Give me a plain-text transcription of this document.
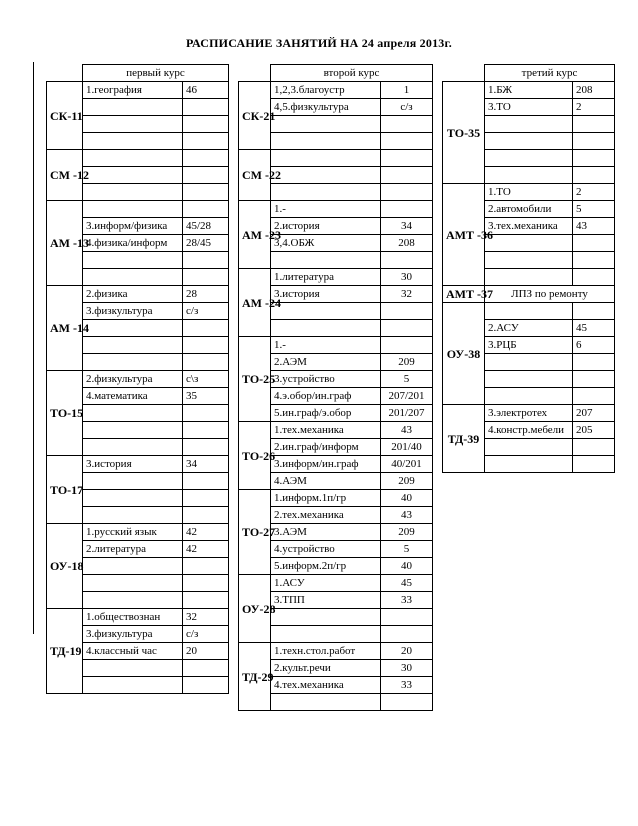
РАСПИСАНИЕ ЗАНЯТИЙ НА 24 апреля 2013г.
	первый курс	
СК-11	1.география	46

СМ -12		

АМ -13		
	3.информ/физика	45/28
	4.физика/информ	28/45

АМ -14	2.физика	28
	3.физкультура	с/з

ТО-15	2.физкультура	с\з
	4.математика	35

ТО-17	3.история	34

ОУ-18	1.русский язык	42
	2.литература	42

ТД-19	1.обществознан	32
	3.физкультура	с/з
	4.классный час	20

	второй курс	
СК-21	1,2,3.благоустр	1
	4,5.физкультура	с/з

СМ -22		

АМ -23	1.-	
	2.история	34
	3,4.ОБЖ	208

АМ -24	1.литература	30
	3.история	32

ТО-25	1.-	
	2.АЭМ	209
	3.устройство	5
	4.э.обор/ин.граф	207/201
	5.ин.граф/э.обор	201/207
ТО-26	1.тех.механика	43
	2.ин.граф/информ	201/40
	3.информ/ин.граф	40/201
	4.АЭМ	209
ТО-27	1.информ.1п/гр	40
	2.тех.механика	43
	3.АЭМ	209
	4.устройство	5
	5.информ.2п/гр	40
ОУ-28	1.АСУ	45
	3.ТПП	33

ТД-29	1.техн.стол.работ	20
	2.культ.речи	30
	4.тех.механика	33

	третий курс	
ТО-35	1.БЖ	208
	3.ТО	2

АМТ -36	1.ТО	2
	2.автомобили	5
	3.тех.механика	43

АМТ -37	ЛПЗ по ремонту	

ОУ-38		
	2.АСУ	45
	3.РЦБ	6

ТД-39	3.электротех	207
	4.констр.мебели	205
